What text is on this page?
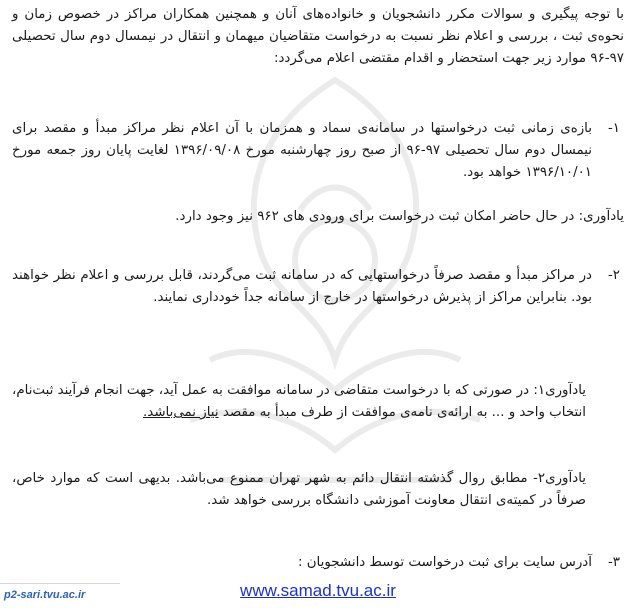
با توجه پیگیری و سوالات مکرر دانشجویان و خانواده‌های آنان و همچنین همکاران مراکز در خصوص زمان و نحوه‌ی ثبت ، بررسی و اعلام نظر نسبت به درخواست متقاضیان میهمان و انتقال در نیمسال دوم سال تحصیلی ۹۷-۹۶ موارد زیر جهت استحضار و اقدام مقتضی اعلام می‌گردد:
۱-
بازه‌ی زمانی ثبت درخواستها در سامانه‌ی سماد و همزمان با آن اعلام نظر مراکز مبدأ و مقصد برای نیمسال دوم سال تحصیلی ۹۷-۹۶ از صبح روز چهارشنبه مورخ ۱۳۹۶/۰۹/۰۸ لغایت پایان روز جمعه مورخ ۱۳۹۶/۱۰/۰۱ خواهد بود.
یادآوری: در حال حاضر امکان ثبت درخواست برای ورودی های ۹۶۲ نیز وجود دارد.
۲-
در مراکز مبدأ و مقصد صرفاً درخواستهایی که در سامانه ثبت می‌گردند، قابل بررسی و اعلام نظر خواهند بود. بنابراین مراکز از پذیرش درخواستها در خارج از سامانه جداً خودداری نمایند.
یادآوری۱: در صورتی که با درخواست متقاضی در سامانه موافقت به عمل آید، جهت انجام فرآیند ثبت‌نام، انتخاب واحد و ... به ارائه‌ی نامه‌ی موافقت از طرف مبدأ به مقصد نیاز نمی‌باشد.
یادآوری۲- مطابق روال گذشته انتقال دائم به شهر تهران ممنوع می‌باشد. بدیهی است که موارد خاص، صرفاً در کمیته‌ی انتقال معاونت آموزشی دانشگاه بررسی خواهد شد.
۳-
آدرس سایت برای ثبت درخواست توسط دانشجویان :
www.samad.tvu.ac.ir
p2-sari.tvu.ac.ir
